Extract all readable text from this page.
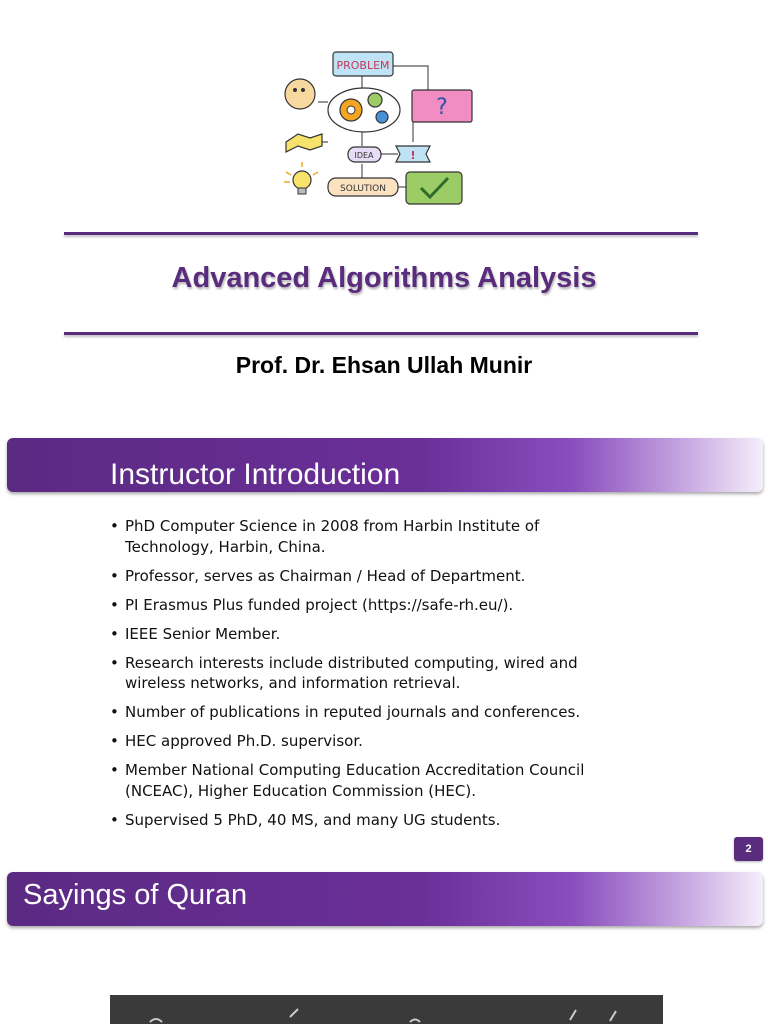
PROBLEM
?
IDEA	!
SOLUTION
Advanced Algorithms Analysis
Prof. Dr. Ehsan Ullah Munir
Instructor Introduction
• PhD Computer Science in 2008 from Harbin Institute of Technology, Harbin, China.
• Professor, serves as Chairman / Head of Department.
• PI Erasmus Plus funded project (https://safe-rh.eu/).
• IEEE Senior Member.
• Research interests include distributed computing, wired and wireless networks, and information retrieval.
• Number of publications in reputed journals and conferences.
• HEC approved Ph.D. supervisor.
• Member National Computing Education Accreditation Council (NCEAC), Higher Education Commission (HEC).
• Supervised 5 PhD, 40 MS, and many UG students.
2
Sayings of Quran
